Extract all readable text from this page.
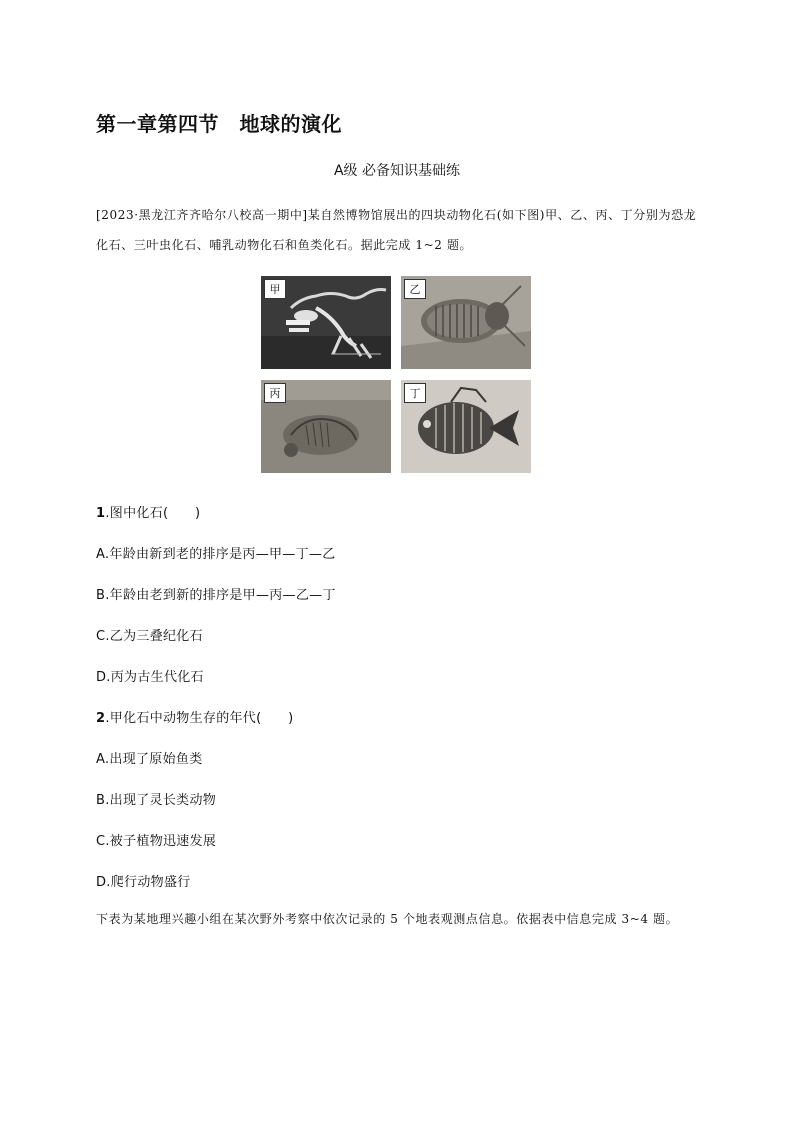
第一章第四节　地球的演化
A级 必备知识基础练
[2023·黑龙江齐齐哈尔八校高一期中]某自然博物馆展出的四块动物化石(如下图)甲、乙、丙、丁分别为恐龙化石、三叶虫化石、哺乳动物化石和鱼类化石。据此完成 1~2 题。
甲	乙
丙	丁
1.图中化石(　　)
A.年龄由新到老的排序是丙—甲—丁—乙
B.年龄由老到新的排序是甲—丙—乙—丁
C.乙为三叠纪化石
D.丙为古生代化石
2.甲化石中动物生存的年代(　　)
A.出现了原始鱼类
B.出现了灵长类动物
C.被子植物迅速发展
D.爬行动物盛行
下表为某地理兴趣小组在某次野外考察中依次记录的 5 个地表观测点信息。依据表中信息完成 3~4 题。
